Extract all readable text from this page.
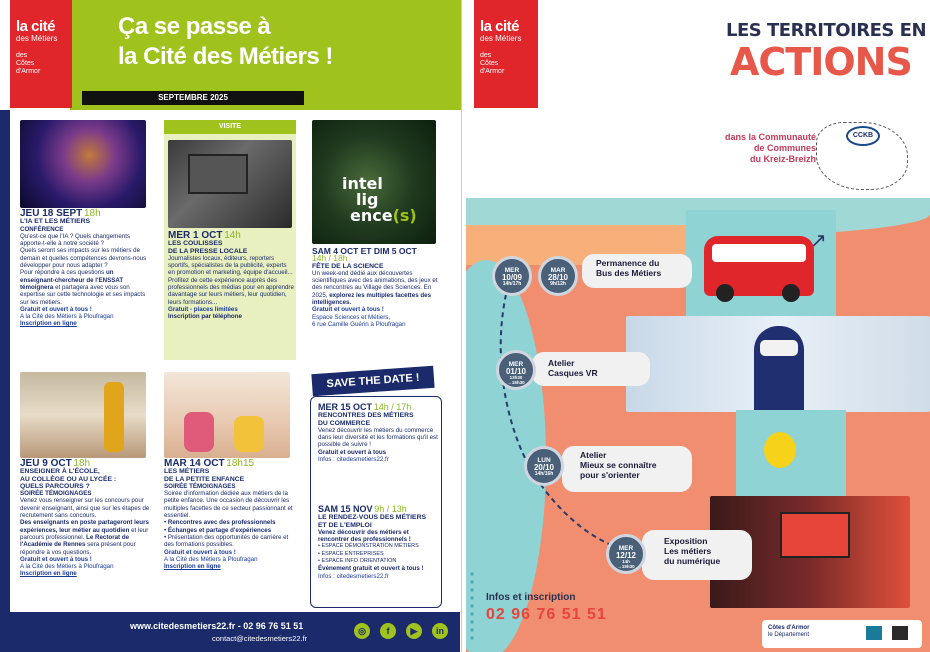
la cité
des Métiers
des
Côtes
d'Armor
Ça se passe à
la Cité des Métiers !
SEPTEMBRE 2025
JEU 18 SEPT 18h
L'IA ET LES MÉTIERS
CONFÉRENCE
Qu'est-ce que l'IA ? Quels changements apporte-t-elle à notre société ?
Quels seront ses impacts sur les métiers de demain et quelles compétences devrons-nous développer pour nous adapter ?
Pour répondre à ces questions un enseignant-chercheur de l'ENSSAT témoignera et partagera avec vous son expertise sur cette technologie et ses impacts sur les métiers.
Gratuit et ouvert à tous !
A la Cité des Métiers à Ploufragan
Inscription en ligne
VISITE
MER 1 OCT 14h
LES COULISSES
DE LA PRESSE LOCALE
Journalistes locaux, éditeurs, reporters sportifs, spécialistes de la publicité, experts en promotion et marketing, équipe d'accueil... Profitez de cette expérience auprès des professionnels des médias pour en apprendre davantage sur leurs métiers, leur quotidien, leurs formations...
Gratuit - places limitées
Inscription par téléphone
intel
lig
ence(s)
SAM 4 OCT ET DIM 5 OCT
14h / 18h
FÊTE DE LA SCIENCE
Un week-end dédié aux découvertes scientifiques avec des animations, des jeux et des rencontres au Village des Sciences. En 2025, explorez les multiples facettes des intelligences.
Gratuit et ouvert à tous !
Espace Sciences et Métiers,
6 rue Camille Guérin à Ploufragan
JEU 9 OCT 18h
ENSEIGNER À L'ÉCOLE,
AU COLLÈGE OU AU LYCÉE :
QUELS PARCOURS ?
SOIRÉE TÉMOIGNAGES
Venez vous renseigner sur les concours pour devenir enseignant, ainsi que sur les étapes de recrutement sans concours.
Des enseignants en poste partageront leurs expériences, leur métier au quotidien et leur parcours professionnel. Le Rectorat de l'Académie de Rennes sera présent pour répondre à vos questions.
Gratuit et ouvert à tous !
A la Cité des Métiers à Ploufragan
Inscription en ligne
MAR 14 OCT 18h15
LES MÉTIERS
DE LA PETITE ENFANCE
SOIRÉE TÉMOIGNAGES
Soirée d'information dédiée aux métiers de la petite enfance. Une occasion de découvrir les multiples facettes de ce secteur passionnant et essentiel.
• Rencontres avec des professionnels
• Échanges et partage d'expériences
• Présentation des opportunités de carrière et des formations possibles.
Gratuit et ouvert à tous !
A la Cité des Métiers à Ploufragan
Inscription en ligne
SAVE THE DATE !
MER 15 OCT 14h / 17h
RENCONTRES DES MÉTIERS
DU COMMERCE
Venez découvrir les métiers du commerce dans leur diversité et les formations qu'il est possible de suivre !
Gratuit et ouvert à tous
Infos : citedesmetiers22.fr
SAM 15 NOV 9h / 13h
LE RENDEZ-VOUS DES MÉTIERS
ET DE L'EMPLOI
Venez découvrir des métiers et rencontrer des professionnels !
• ESPACE DÉMONSTRATION MÉTIERS
• ESPACE ENTREPRISES
• ESPACE INFO ORIENTATION
Évènement gratuit et ouvert à tous !
Infos : citedesmetiers22.fr
www.citedesmetiers22.fr - 02 96 76 51 51
contact@citedesmetiers22.fr
◎	f	▶	in
la cité
des Métiers
des
Côtes
d'Armor
LES TERRITOIRES EN
ACTIONS
dans la Communauté
de Communes
du Kreiz-Breizh
CCKB
↗
Permanence du
Bus des Métiers
MER
10/09
14h/17h
MAR
28/10
9h/12h
Atelier
Casques VR
MER
01/10
13h30
→15h30
Atelier
Mieux se connaître
pour s'orienter
LUN
20/10
14h/16h
Exposition
Les métiers
du numérique
MER
12/12
14h
→15h30
Infos et inscription
02 96 76 51 51
Côtes d'Armor
le Département
